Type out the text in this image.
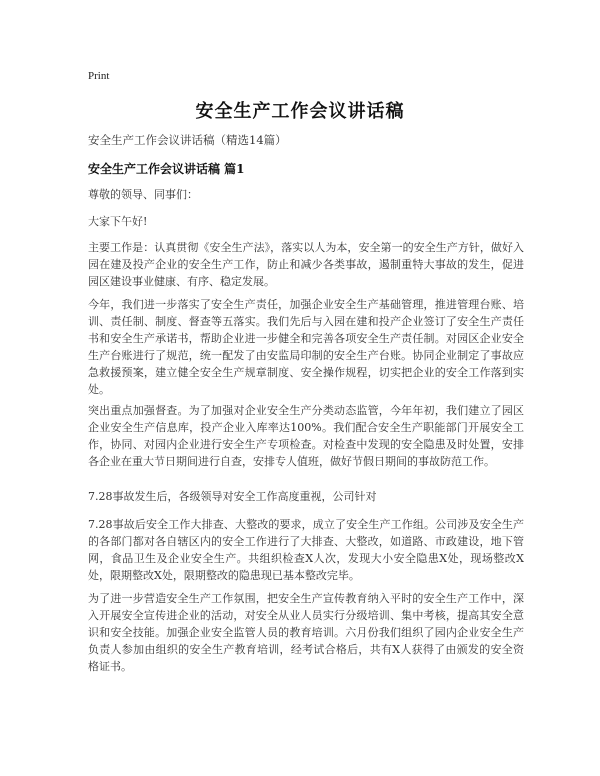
Print
安全生产工作会议讲话稿
安全生产工作会议讲话稿（精选14篇）
安全生产工作会议讲话稿 篇1

尊敬的领导、同事们：

大家下午好!

主要工作是：认真贯彻《安全生产法》，落实以人为本，安全第一的安全生产方针，做好入园在建及投产企业的安全生产工作，防止和减少各类事故，遏制重特大事故的发生，促进园区建设事业健康、有序、稳定发展。

今年，我们进一步落实了安全生产责任，加强企业安全生产基础管理，推进管理台账、培训、责任制、制度、督查等五落实。我们先后与入园在建和投产企业签订了安全生产责任书和安全生产承诺书，帮助企业进一步健全和完善各项安全生产责任制。对园区企业安全生产台账进行了规范，统一配发了由安监局印制的安全生产台账。协同企业制定了事故应急救援预案，建立健全安全生产规章制度、安全操作规程，切实把企业的安全工作落到实处。

突出重点加强督查。为了加强对企业安全生产分类动态监管，今年年初，我们建立了园区企业安全生产信息库，投产企业入库率达100%。我们配合安全生产职能部门开展安全工作，协同、对园内企业进行安全生产专项检查。对检查中发现的安全隐患及时处置，安排各企业在重大节日期间进行自查，安排专人值班，做好节假日期间的事故防范工作。

7.28事故发生后，各级领导对安全工作高度重视，公司针对

7.28事故后安全工作大排查、大整改的要求，成立了安全生产工作组。公司涉及安全生产的各部门都对各自辖区内的安全工作进行了大排查、大整改，如道路、市政建设，地下管网，食品卫生及企业安全生产。共组织检查X人次，发现大小安全隐患X处，现场整改X处，限期整改X处，限期整改的隐患现已基本整改完毕。

为了进一步营造安全生产工作氛围，把安全生产宣传教育纳入平时的安全生产工作中，深入开展安全宣传进企业的活动，对安全从业人员实行分级培训、集中考核，提高其安全意识和安全技能。加强企业安全监管人员的教育培训。六月份我们组织了园内企业安全生产负责人参加由组织的安全生产教育培训，经考试合格后，共有X人获得了由颁发的安全资格证书。
